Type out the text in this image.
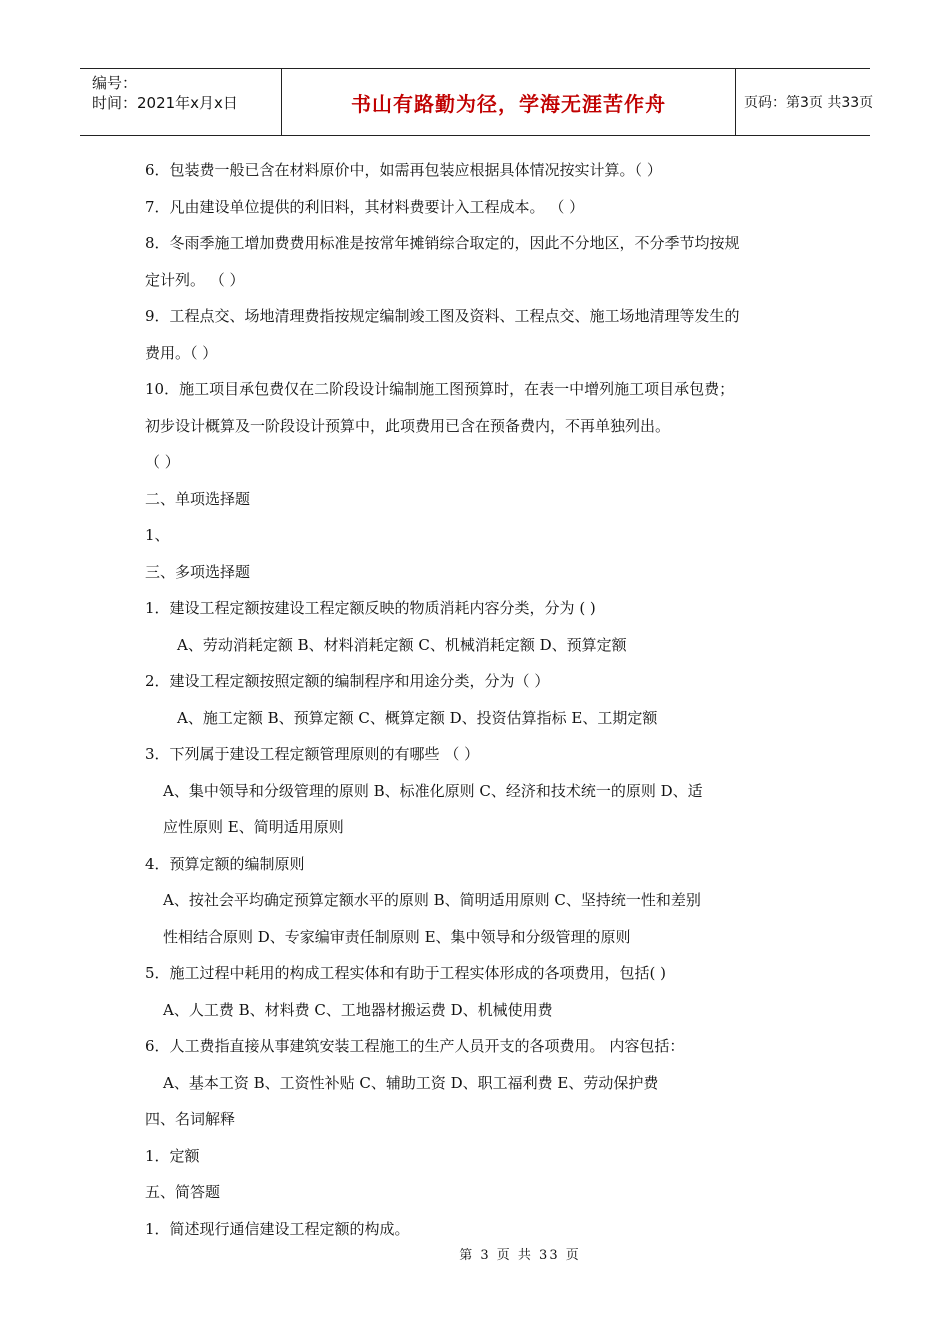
编号：
时间：2021年x月x日	书山有路勤为径，学海无涯苦作舟	页码：第3页 共33页
6．包装费一般已含在材料原价中，如需再包装应根据具体情况按实计算。（ ）
7．凡由建设单位提供的利旧料，其材料费要计入工程成本。 （ ）
8．冬雨季施工增加费费用标准是按常年摊销综合取定的，因此不分地区，不分季节均按规
定计列。 （ ）
9．工程点交、场地清理费指按规定编制竣工图及资料、工程点交、施工场地清理等发生的
费用。（ ）
10．施工项目承包费仅在二阶段设计编制施工图预算时，在表一中增列施工项目承包费；
初步设计概算及一阶段设计预算中，此项费用已含在预备费内，不再单独列出。
（ ）
二、单项选择题
1、
三、多项选择题
1．建设工程定额按建设工程定额反映的物质消耗内容分类，分为 ( )
A、劳动消耗定额 B、材料消耗定额 C、机械消耗定额 D、预算定额
2．建设工程定额按照定额的编制程序和用途分类，分为（ ）
A、施工定额 B、预算定额 C、概算定额 D、投资估算指标 E、工期定额
3．下列属于建设工程定额管理原则的有哪些 （ ）
A、集中领导和分级管理的原则 B、标准化原则 C、经济和技术统一的原则 D、适
应性原则 E、简明适用原则
4．预算定额的编制原则
A、按社会平均确定预算定额水平的原则 B、简明适用原则 C、坚持统一性和差别
性相结合原则 D、专家编审责任制原则 E、集中领导和分级管理的原则
5．施工过程中耗用的构成工程实体和有助于工程实体形成的各项费用，包括( )
A、人工费 B、材料费 C、工地器材搬运费 D、机械使用费
6．人工费指直接从事建筑安装工程施工的生产人员开支的各项费用。 内容包括：
A、基本工资 B、工资性补贴 C、辅助工资 D、职工福利费 E、劳动保护费
四、名词解释
1．定额
五、简答题
1．简述现行通信建设工程定额的构成。
第 3 页 共 33 页
